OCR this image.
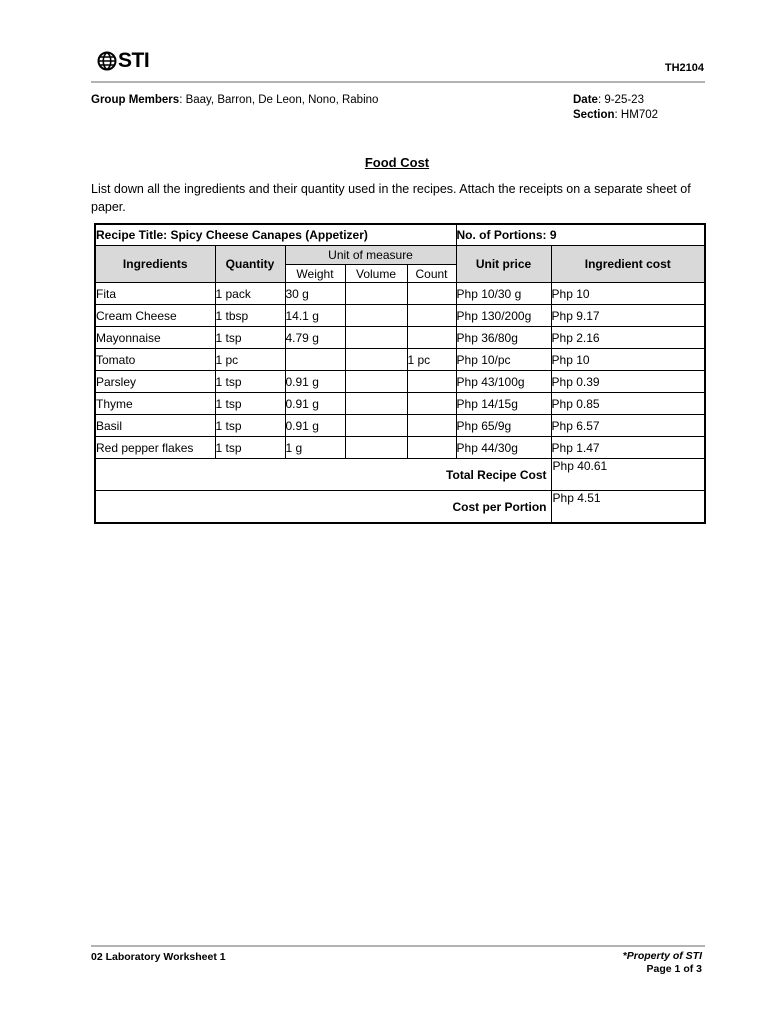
STI	TH2104
Group Members: Baay, Barron, De Leon, Nono, Rabino	Date: 9-25-23
Section: HM702
Food Cost
List down all the ingredients and their quantity used in the recipes. Attach the receipts on a separate sheet of paper.
Recipe Title: Spicy Cheese Canapes (Appetizer)					No. of Portions: 9	
Ingredients	Quantity	Unit of measure			Unit price	Ingredient cost
		Weight	Volume	Count		
Fita	1 pack	30 g			Php 10/30 g	Php 10
Cream Cheese	1 tbsp	14.1 g			Php 130/200g	Php 9.17
Mayonnaise	1 tsp	4.79 g			Php 36/80g	Php 2.16
Tomato	1 pc			1 pc	Php 10/pc	Php 10
Parsley	1 tsp	0.91 g			Php 43/100g	Php 0.39
Thyme	1 tsp	0.91 g			Php 14/15g	Php 0.85
Basil	1 tsp	0.91 g			Php 65/9g	Php 6.57
Red pepper flakes	1 tsp	1 g			Php 44/30g	Php 1.47
Total Recipe Cost						Php 40.61
Cost per Portion						Php 4.51
02 Laboratory Worksheet 1	*Property of STI
Page 1 of 3
